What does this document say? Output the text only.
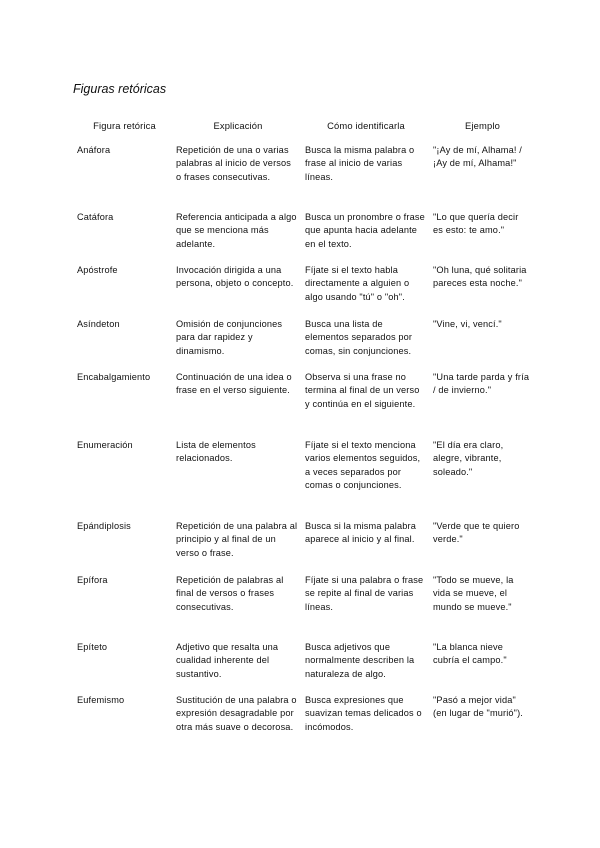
Figuras retóricas
Figura retórica	Explicación	Cómo identificarla	Ejemplo
Anáfora	Repetición de una o varias palabras al inicio de versos o frases consecutivas.	Busca la misma palabra o frase al inicio de varias líneas.	"¡Ay de mí, Alhama! / ¡Ay de mí, Alhama!"
Catáfora	Referencia anticipada a algo que se menciona más adelante.	Busca un pronombre o frase que apunta hacia adelante en el texto.	"Lo que quería decir es esto: te amo."
Apóstrofe	Invocación dirigida a una persona, objeto o concepto.	Fíjate si el texto habla directamente a alguien o algo usando "tú" o "oh".	"Oh luna, qué solitaria pareces esta noche."
Asíndeton	Omisión de conjunciones para dar rapidez y dinamismo.	Busca una lista de elementos separados por comas, sin conjunciones.	"Vine, vi, vencí."
Encabalgamiento	Continuación de una idea o frase en el verso siguiente.	Observa si una frase no termina al final de un verso y continúa en el siguiente.	"Una tarde parda y fría / de invierno."
Enumeración	Lista de elementos relacionados.	Fíjate si el texto menciona varios elementos seguidos, a veces separados por comas o conjunciones.	"El día era claro, alegre, vibrante, soleado."
Epándiplosis	Repetición de una palabra al principio y al final de un verso o frase.	Busca si la misma palabra aparece al inicio y al final.	"Verde que te quiero verde."
Epífora	Repetición de palabras al final de versos o frases consecutivas.	Fíjate si una palabra o frase se repite al final de varias líneas.	"Todo se mueve, la vida se mueve, el mundo se mueve."
Epíteto	Adjetivo que resalta una cualidad inherente del sustantivo.	Busca adjetivos que normalmente describen la naturaleza de algo.	"La blanca nieve cubría el campo."
Eufemismo	Sustitución de una palabra o expresión desagradable por otra más suave o decorosa.	Busca expresiones que suavizan temas delicados o incómodos.	"Pasó a mejor vida" (en lugar de "murió").
